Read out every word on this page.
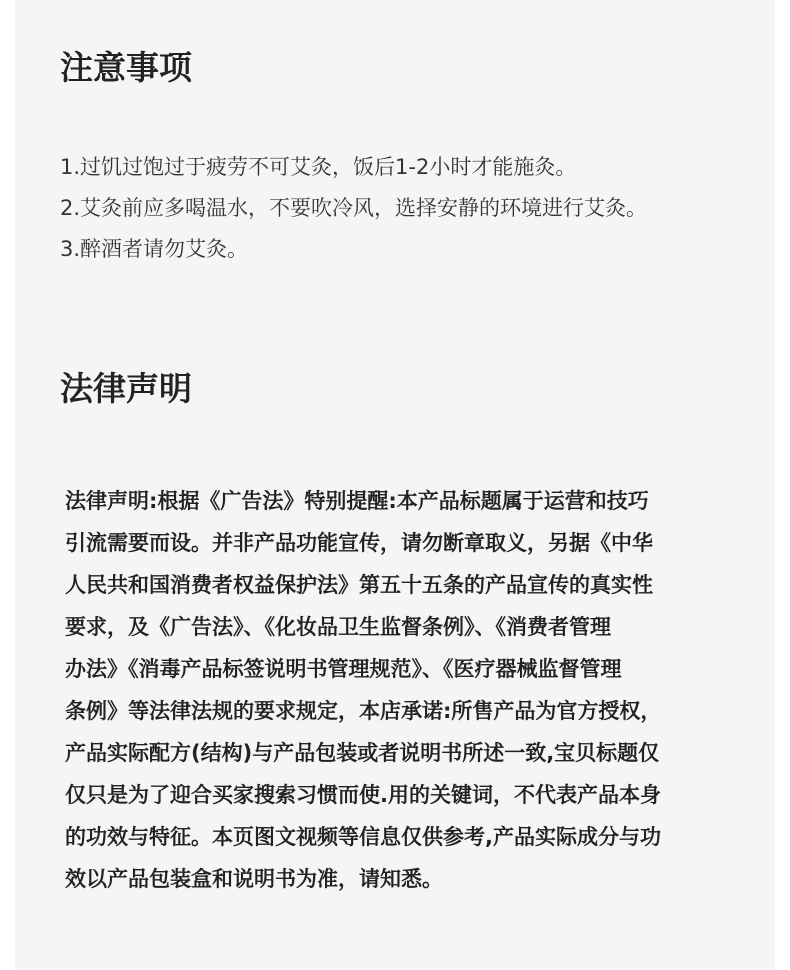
注意事项
1.过饥过饱过于疲劳不可艾灸，饭后1-2小时才能施灸。
2.艾灸前应多喝温水，不要吹冷风，选择安静的环境进行艾灸。
3.醉酒者请勿艾灸。
法律声明
法律声明:根据《广告法》特别提醒:本产品标题属于运营和技巧
引流需要而设。并非产品功能宣传，请勿断章取义，另据《中华
人民共和国消费者权益保护法》第五十五条的产品宣传的真实性
要求，及《广告法》、《化妆品卫生监督条例》、《消费者管理
办法》《消毒产品标签说明书管理规范》、《医疗器械监督管理
条例》等法律法规的要求规定，本店承诺:所售产品为官方授权，
产品实际配方(结构)与产品包装或者说明书所述一致,宝贝标题仅
仅只是为了迎合买家搜索习惯而使.用的关键词，不代表产品本身
的功效与特征。本页图文视频等信息仅供参考,产品实际成分与功
效以产品包装盒和说明书为准，请知悉。
